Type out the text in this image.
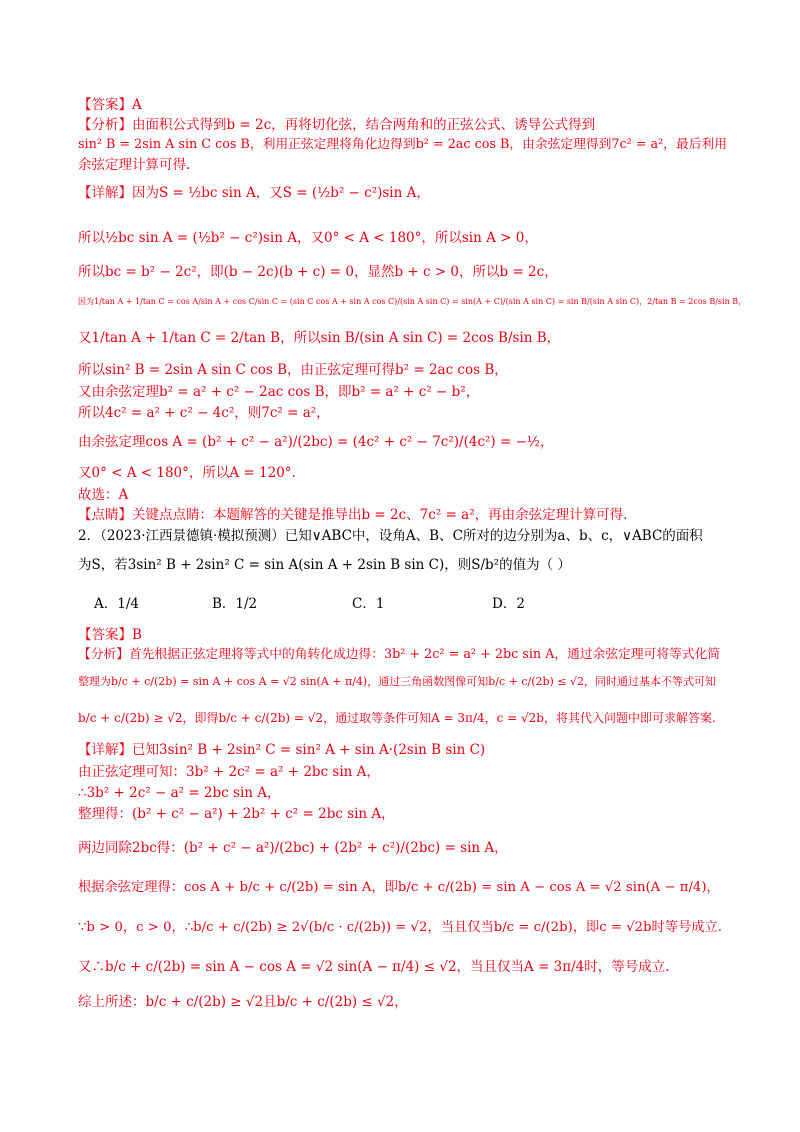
【答案】A
【分析】由面积公式得到b = 2c，再将切化弦，结合两角和的正弦公式、诱导公式得到
sin² B = 2sin A sin C cos B，利用正弦定理将角化边得到b² = 2ac cos B，由余弦定理得到7c² = a²，最后利用
余弦定理计算可得.
【详解】因为S = ½bc sin A，又S = (½b² − c²)sin A，
所以½bc sin A = (½b² − c²)sin A，又0° < A < 180°，所以sin A > 0，
所以bc = b² − 2c²，即(b − 2c)(b + c) = 0，显然b + c > 0，所以b = 2c，
因为1/tan A + 1/tan C = cos A/sin A + cos C/sin C = (sin C cos A + sin A cos C)/(sin A sin C) = sin(A + C)/(sin A sin C) = sin B/(sin A sin C)，2/tan B = 2cos B/sin B，
又1/tan A + 1/tan C = 2/tan B，所以sin B/(sin A sin C) = 2cos B/sin B，
所以sin² B = 2sin A sin C cos B，由正弦定理可得b² = 2ac cos B，
又由余弦定理b² = a² + c² − 2ac cos B，即b² = a² + c² − b²，
所以4c² = a² + c² − 4c²，则7c² = a²，
由余弦定理cos A = (b² + c² − a²)/(2bc) = (4c² + c² − 7c²)/(4c²) = −½，
又0° < A < 180°，所以A = 120°.
故选：A
【点睛】关键点点睛：本题解答的关键是推导出b = 2c、7c² = a²，再由余弦定理计算可得.
2．（2023·江西景德镇·模拟预测）已知∨ABC中，设角A、B、C所对的边分别为a、b、c，∨ABC的面积
为S，若3sin² B + 2sin² C = sin A(sin A + 2sin B sin C)，则S/b²的值为（ ）
A．1/4	B．1/2	C．1	D．2
【答案】B
【分析】首先根据正弦定理将等式中的角转化成边得：3b² + 2c² = a² + 2bc sin A，通过余弦定理可将等式化简
整理为b/c + c/(2b) = sin A + cos A = √2 sin(A + π/4)，通过三角函数图像可知b/c + c/(2b) ≤ √2，同时通过基本不等式可知
b/c + c/(2b) ≥ √2，即得b/c + c/(2b) = √2，通过取等条件可知A = 3π/4，c = √2b，将其代入问题中即可求解答案.
【详解】已知3sin² B + 2sin² C = sin² A + sin A·(2sin B sin C)
由正弦定理可知：3b² + 2c² = a² + 2bc sin A，
∴3b² + 2c² − a² = 2bc sin A，
整理得：(b² + c² − a²) + 2b² + c² = 2bc sin A，
两边同除2bc得：(b² + c² − a²)/(2bc) + (2b² + c²)/(2bc) = sin A，
根据余弦定理得：cos A + b/c + c/(2b) = sin A，即b/c + c/(2b) = sin A − cos A = √2 sin(A − π/4)，
∵b > 0，c > 0，∴b/c + c/(2b) ≥ 2√(b/c · c/(2b)) = √2，当且仅当b/c = c/(2b)，即c = √2b时等号成立.
又∴b/c + c/(2b) = sin A − cos A = √2 sin(A − π/4) ≤ √2，当且仅当A = 3π/4时，等号成立.
综上所述：b/c + c/(2b) ≥ √2且b/c + c/(2b) ≤ √2，
